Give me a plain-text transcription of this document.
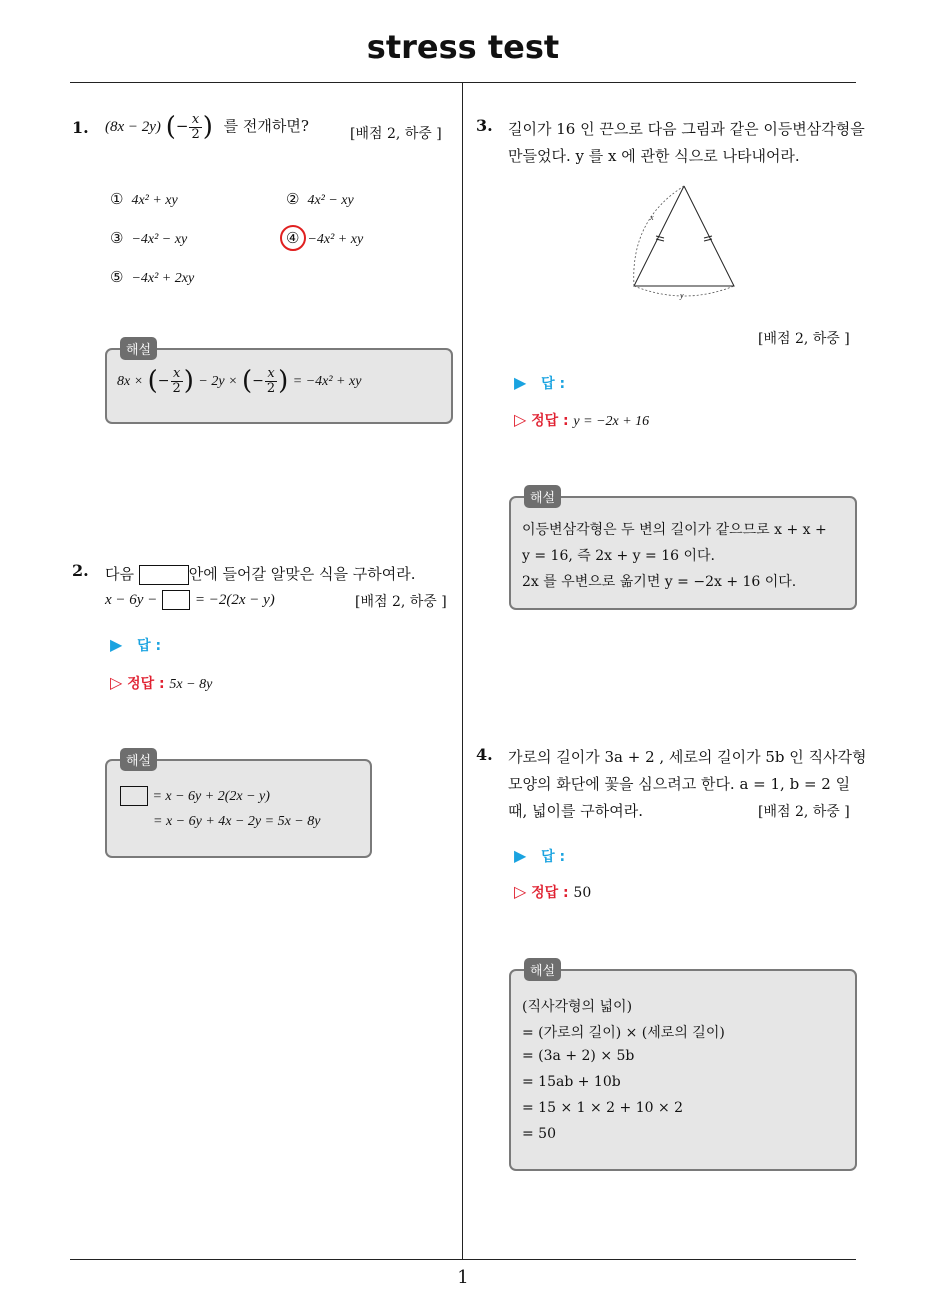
stress test
1. (8x − 2y) (− $\frac{x}{2}$ ) 를 전개하면?	[배점 2, 하중 ]
① 4x² + xy	② 4x² − xy
③ −4x² − xy	④ −4x² + xy
⑤ −4x² + 2xy
해설
8x × (− $\frac{x}{2}$ ) − 2y × (− $\frac{x}{2}$ ) = −4x² + xy
2. 다음	안에 들어갈 알맞은 식을 구하여라.
x − 6y −	= −2(2x − y)	[배점 2, 하중 ]
▶ 답 :
▷ 정답 : 5x − 8y
해설
= x − 6y + 2(2x − y)
= x − 6y + 4x − 2y = 5x − 8y
3. 길이가 16 인 끈으로 다음 그림과 같은 이등변삼각형을
만들었다. y 를 x 에 관한 식으로 나타내어라.
x
y
[배점 2, 하중 ]
▶ 답 :
▷ 정답 : y = −2x + 16
해설
이등변삼각형은 두 변의 길이가 같으므로 x + x +
y = 16, 즉 2x + y = 16 이다.
2x 를 우변으로 옮기면 y = −2x + 16 이다.
4. 가로의 길이가 3a + 2 , 세로의 길이가 5b 인 직사각형
모양의 화단에 꽃을 심으려고 한다. a = 1, b = 2 일
때, 넓이를 구하여라.	[배점 2, 하중 ]
▶ 답 :
▷ 정답 : 50
해설
(직사각형의 넓이)
= (가로의 길이) × (세로의 길이)
= (3a + 2) × 5b
= 15ab + 10b
= 15 × 1 × 2 + 10 × 2
= 50
1
